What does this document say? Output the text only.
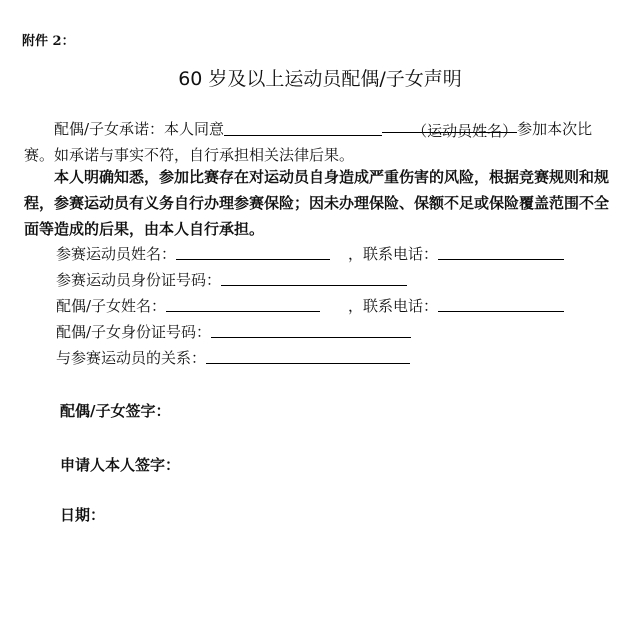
附件 2：
60 岁及以上运动员配偶/子女声明
配偶/子女承诺：本人同意	（运动员姓名）参加本次比赛。如承诺与事实不符，自行承担相关法律后果。
本人明确知悉，参加比赛存在对运动员自身造成严重伤害的风险，根据竞赛规则和规程，参赛运动员有义务自行办理参赛保险；因未办理保险、保额不足或保险覆盖范围不全面等造成的后果，由本人自行承担。
参赛运动员姓名：	，联系电话：
参赛运动员身份证号码：
配偶/子女姓名：	，联系电话：
配偶/子女身份证号码：
与参赛运动员的关系：
配偶/子女签字：
申请人本人签字：
日期：
